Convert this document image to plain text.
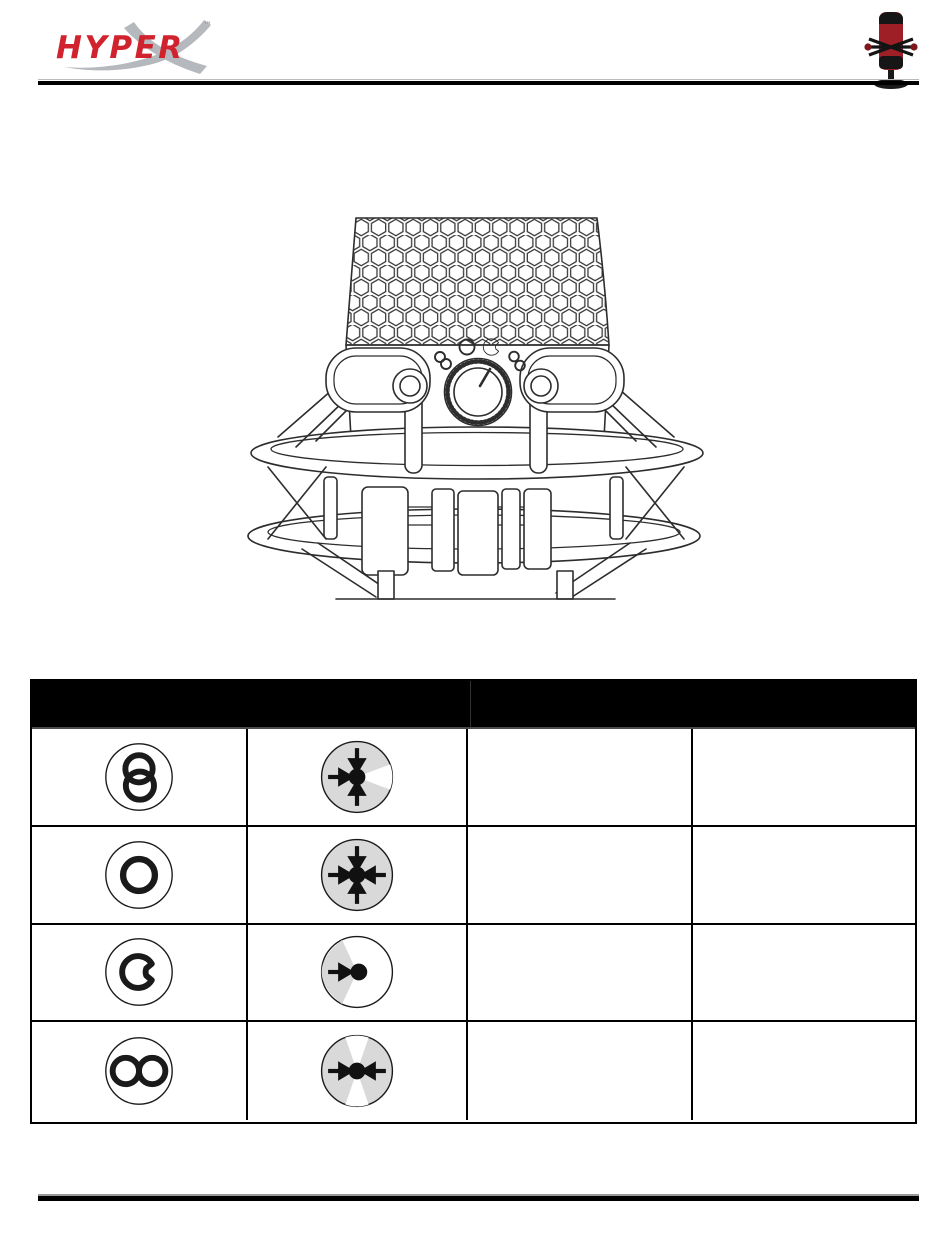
HYPER
™
